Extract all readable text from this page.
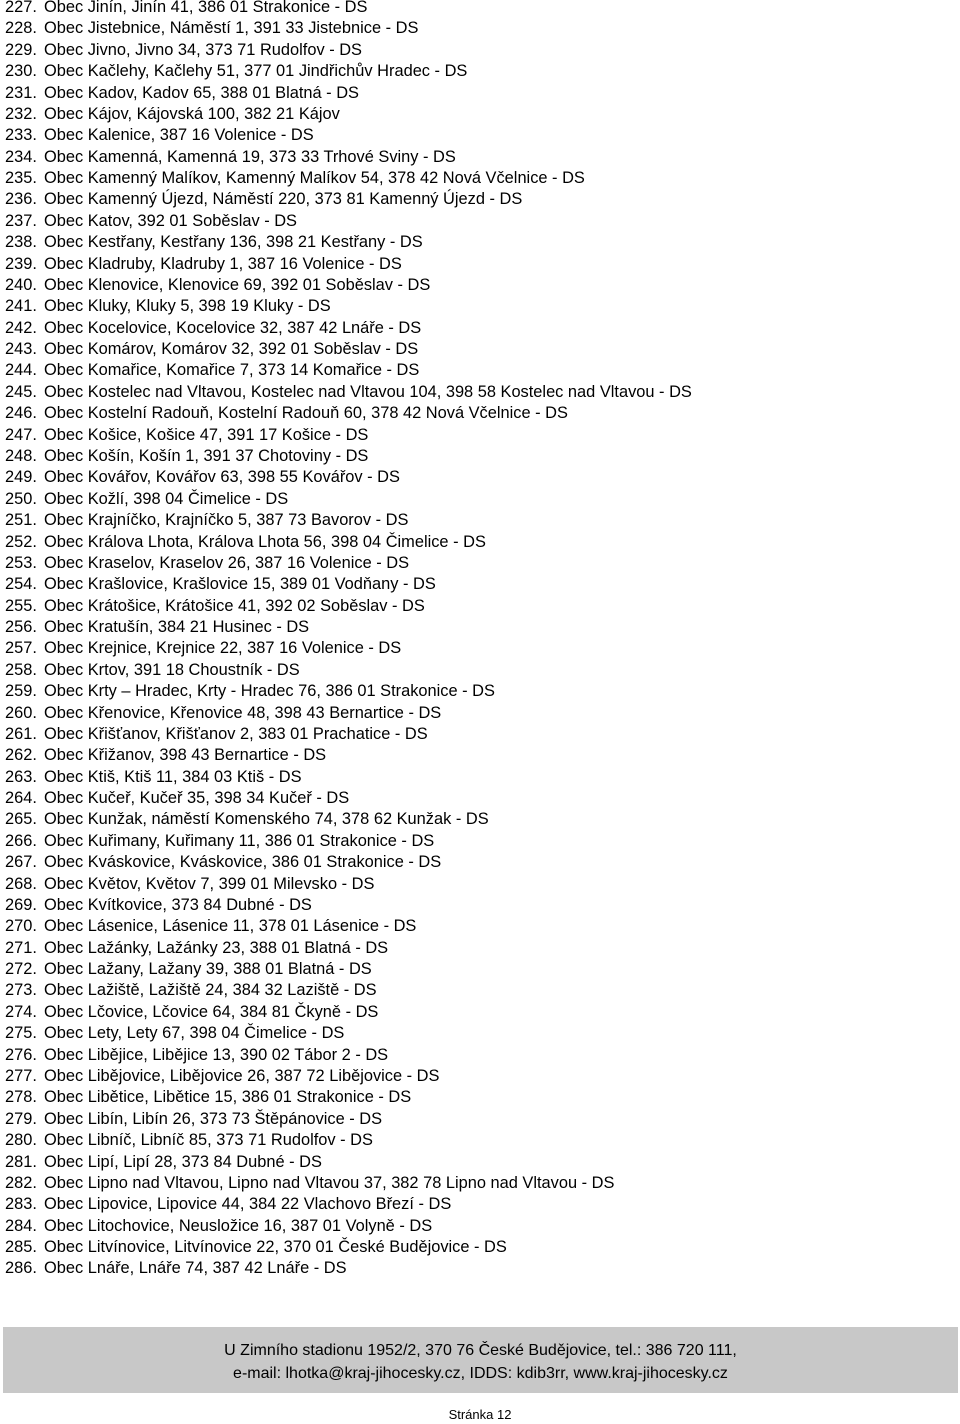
227. Obec Jinín, Jinín 41, 386 01 Strakonice - DS
228. Obec Jistebnice, Náměstí 1, 391 33 Jistebnice - DS
229. Obec Jivno, Jivno 34, 373 71 Rudolfov - DS
230. Obec Kačlehy, Kačlehy 51, 377 01 Jindřichův Hradec - DS
231. Obec Kadov, Kadov 65, 388 01 Blatná - DS
232. Obec Kájov, Kájovská 100, 382 21 Kájov
233. Obec Kalenice, 387 16 Volenice - DS
234. Obec Kamenná, Kamenná 19, 373 33 Trhové Sviny - DS
235. Obec Kamenný Malíkov, Kamenný Malíkov 54, 378 42 Nová Včelnice - DS
236. Obec Kamenný Újezd, Náměstí 220, 373 81 Kamenný Újezd - DS
237. Obec Katov, 392 01 Soběslav - DS
238. Obec Kestřany, Kestřany 136, 398 21 Kestřany - DS
239. Obec Kladruby, Kladruby 1, 387 16 Volenice - DS
240. Obec Klenovice, Klenovice 69, 392 01 Soběslav - DS
241. Obec Kluky, Kluky 5, 398 19 Kluky - DS
242. Obec Kocelovice, Kocelovice 32, 387 42 Lnáře - DS
243. Obec Komárov, Komárov 32, 392 01 Soběslav - DS
244. Obec Komařice, Komařice 7, 373 14 Komařice - DS
245. Obec Kostelec nad Vltavou, Kostelec nad Vltavou 104, 398 58 Kostelec nad Vltavou - DS
246. Obec Kostelní Radouň, Kostelní Radouň 60, 378 42 Nová Včelnice - DS
247. Obec Košice, Košice 47, 391 17 Košice - DS
248. Obec Košín, Košín 1, 391 37 Chotoviny - DS
249. Obec Kovářov, Kovářov 63, 398 55 Kovářov - DS
250. Obec Kožlí, 398 04 Čimelice - DS
251. Obec Krajníčko, Krajníčko 5, 387 73 Bavorov - DS
252. Obec Králova Lhota, Králova Lhota 56, 398 04 Čimelice - DS
253. Obec Kraselov, Kraselov 26, 387 16 Volenice - DS
254. Obec Krašlovice, Krašlovice 15, 389 01 Vodňany - DS
255. Obec Krátošice, Krátošice 41, 392 02 Soběslav - DS
256. Obec Kratušín, 384 21 Husinec - DS
257. Obec Krejnice, Krejnice 22, 387 16 Volenice - DS
258. Obec Krtov, 391 18 Choustník - DS
259. Obec Krty – Hradec, Krty - Hradec 76, 386 01 Strakonice - DS
260. Obec Křenovice, Křenovice 48, 398 43 Bernartice - DS
261. Obec Křišťanov, Křišťanov 2, 383 01 Prachatice - DS
262. Obec Křižanov, 398 43 Bernartice - DS
263. Obec Ktiš, Ktiš 11, 384 03 Ktiš - DS
264. Obec Kučeř, Kučeř 35, 398 34 Kučeř - DS
265. Obec Kunžak, náměstí Komenského 74, 378 62 Kunžak - DS
266. Obec Kuřimany, Kuřimany 11, 386 01 Strakonice - DS
267. Obec Kváskovice, Kváskovice, 386 01 Strakonice - DS
268. Obec Květov, Květov 7, 399 01 Milevsko - DS
269. Obec Kvítkovice, 373 84 Dubné - DS
270. Obec Lásenice, Lásenice 11, 378 01 Lásenice - DS
271. Obec Lažánky, Lažánky 23, 388 01 Blatná - DS
272. Obec Lažany, Lažany 39, 388 01 Blatná - DS
273. Obec Lažiště, Lažiště 24, 384 32 Laziště - DS
274. Obec Lčovice, Lčovice 64, 384 81 Čkyně - DS
275. Obec Lety, Lety 67, 398 04 Čimelice - DS
276. Obec Libějice, Libějice 13, 390 02 Tábor 2 - DS
277. Obec Libějovice, Libějovice 26, 387 72 Libějovice - DS
278. Obec Libětice, Libětice 15, 386 01 Strakonice - DS
279. Obec Libín, Libín 26, 373 73 Štěpánovice - DS
280. Obec Libníč, Libníč 85, 373 71 Rudolfov - DS
281. Obec Lipí, Lipí 28, 373 84 Dubné - DS
282. Obec Lipno nad Vltavou, Lipno nad Vltavou 37, 382 78 Lipno nad Vltavou - DS
283. Obec Lipovice, Lipovice 44, 384 22 Vlachovo Březí - DS
284. Obec Litochovice, Neusložice 16, 387 01 Volyně - DS
285. Obec Litvínovice, Litvínovice 22, 370 01 České Budějovice - DS
286. Obec Lnáře, Lnáře 74, 387 42 Lnáře - DS
U Zimního stadionu 1952/2, 370 76 České Budějovice, tel.: 386 720 111,
e-mail: lhotka@kraj-jihocesky.cz, IDDS: kdib3rr, www.kraj-jihocesky.cz
Stránka 12
